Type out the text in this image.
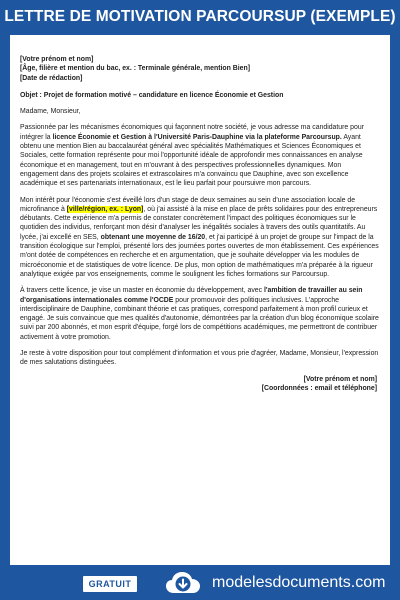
LETTRE DE MOTIVATION PARCOURSUP (EXEMPLE)
[Votre prénom et nom]
[Âge, filière et mention du bac, ex. : Terminale générale, mention Bien]
[Date de rédaction]

Objet : Projet de formation motivé – candidature en licence Économie et Gestion

Madame, Monsieur,

Passionnée par les mécanismes économiques qui façonnent notre société, je vous adresse ma candidature pour intégrer la licence Économie et Gestion à l'Université Paris-Dauphine via la plateforme Parcoursup. Ayant obtenu une mention Bien au baccalauréat général avec spécialités Mathématiques et Sciences Économiques et Sociales, cette formation représente pour moi l'opportunité idéale de approfondir mes connaissances en analyse économique et en management, tout en m'ouvrant à des perspectives professionnelles dynamiques. Mon engagement dans des projets scolaires et extrascolaires m'a convaincu que Dauphine, avec son excellence académique et ses partenariats internationaux, est le lieu parfait pour poursuivre mon parcours.

Mon intérêt pour l'économie s'est éveillé lors d'un stage de deux semaines au sein d'une association locale de microfinance à [ville/région, ex. : Lyon], où j'ai assisté à la mise en place de prêts solidaires pour des entrepreneurs débutants. Cette expérience m'a permis de constater concrètement l'impact des politiques économiques sur le quotidien des individus, renforçant mon désir d'analyser les inégalités sociales à travers des outils quantitatifs. Au lycée, j'ai excellé en SES, obtenant une moyenne de 16/20, et j'ai participé à un projet de groupe sur l'impact de la transition écologique sur l'emploi, présenté lors des journées portes ouvertes de mon établissement. Ces expériences m'ont dotée de compétences en recherche et en argumentation, que je souhaite développer via les modules de microéconomie et de statistiques de votre licence. De plus, mon option de mathématiques m'a préparée à la rigueur analytique exigée par vos enseignements, comme le soulignent les fiches formations sur Parcoursup.

À travers cette licence, je vise un master en économie du développement, avec l'ambition de travailler au sein d'organisations internationales comme l'OCDE pour promouvoir des politiques inclusives. L'approche interdisciplinaire de Dauphine, combinant théorie et cas pratiques, correspond parfaitement à mon profil curieux et engagé. Je suis convaincue que mes qualités d'autonomie, démontrées par la création d'un blog économique scolaire suivi par 200 abonnés, et mon esprit d'équipe, forgé lors de compétitions académiques, me permettront de contribuer activement à votre promotion.

Je reste à votre disposition pour tout complément d'information et vous prie d'agréer, Madame, Monsieur, l'expression de mes salutations distinguées.

[Votre prénom et nom]
[Coordonnées : email et téléphone]
GRATUIT	modelesdocuments.com
